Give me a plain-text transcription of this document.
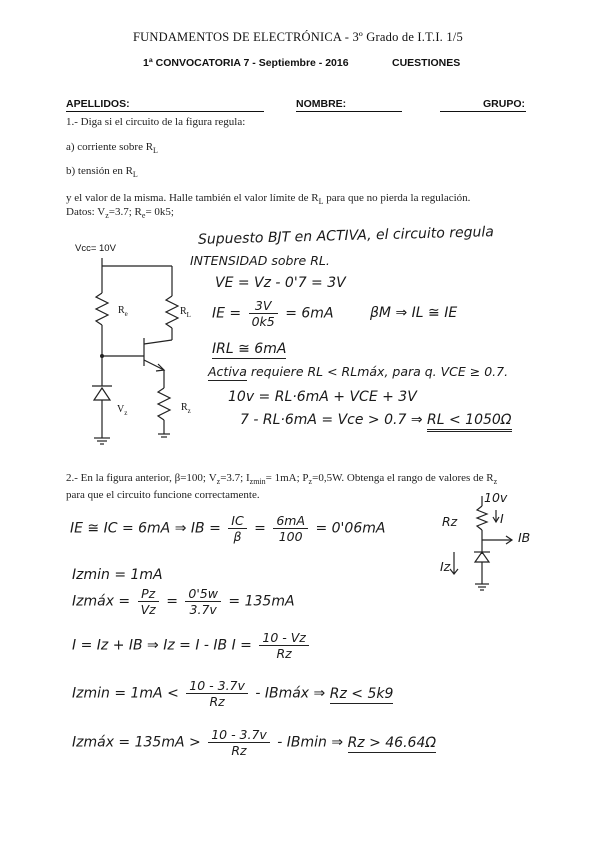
FUNDAMENTOS DE ELECTRÓNICA - 3º Grado de I.T.I. 1/5
1ª CONVOCATORIA 7 - Septiembre - 2016	CUESTIONES
APELLIDOS:	NOMBRE:	GRUPO:
1.- Diga si el circuito de la figura regula:
a) corriente sobre $R_L$
b) tensión en $R_L$
y el valor de la misma. Halle también el valor límite de $R_L$ para que no pierda la regulación.
Datos: $V_z=3.7$; $R_e= 0k5$;
Vcc= 10V
$R_e$	$R_L$
$V_z$	$R_z$
Supuesto BJT en ACTIVA, el circuito regula
INTENSIDAD sobre RL.
VE = Vz - 0'7 = 3V
IE = $\frac{3V}{0k5} = 6mA$	βM ⇒ IL ≅ IE
IRL ≅ 6mA
Activa requiere RL < RLmáx, para q. VCE ≥ 0.7.
10v = RL·6mA + VCE + 3V
7 - RL·6mA = Vce > 0.7 ⇒ RL < 1050Ω
2.- En la figura anterior, β=100; $V_z=3.7$; $I_{zmin}= 1mA$; $P_z=0,5W$. Obtenga el rango de valores de $R_z$
para que el circuito funcione correctamente.
IE ≅ IC = 6mA ⇒ IB = $\frac{IC}{\beta} = \frac{6mA}{100} = 0'06mA$
Izmin = 1mA
Izmáx = $\frac{Pz}{Vz} = \frac{0'5w}{3.7v} = 135mA$
I = Iz + IB ⇒ Iz = I - IB $I = \frac{10 - Vz}{Rz}$
$Izmin = 1mA < \frac{10 - 3.7v}{Rz}$ - IBmáx ⇒ Rz < 5k9
Izmáx = $135mA > \frac{10 - 3.7v}{Rz} - IBmin$ ⇒ Rz > 46.64Ω
10v
Rz	I
IB
Iz
